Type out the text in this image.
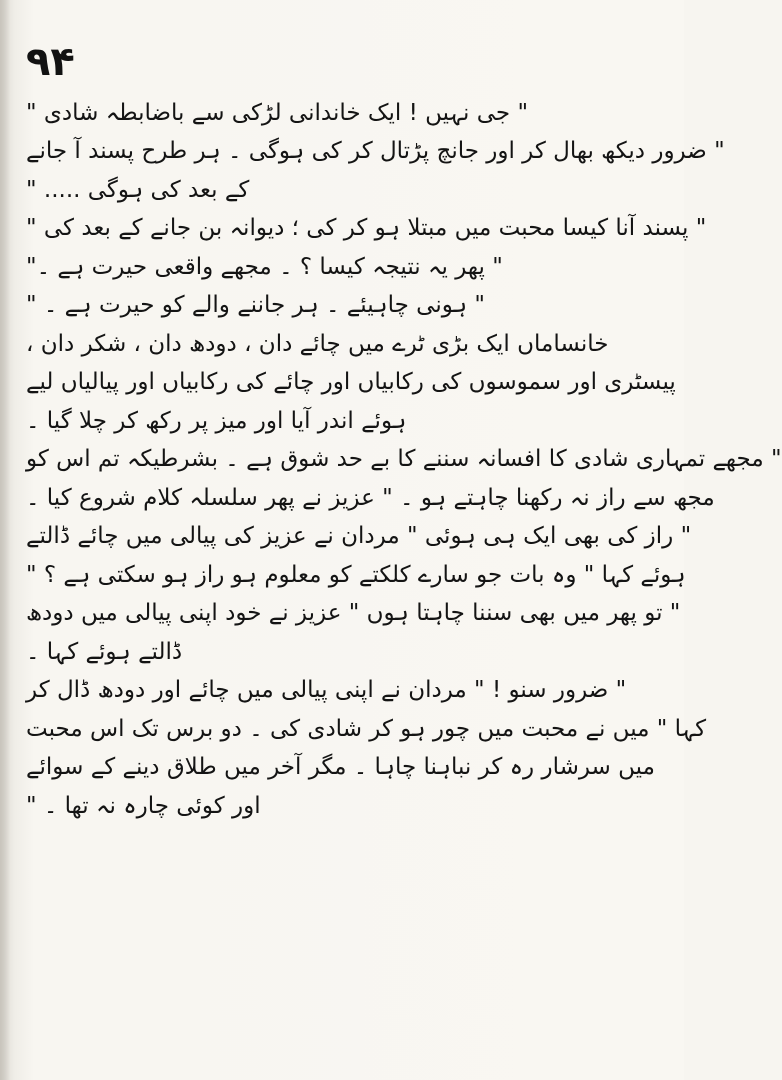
۹۴
" جی نہیں ! ایک خاندانی لڑکی سے باضابطہ شادی "
" ضرور دیکھ بھال کر اور جانچ پڑتال کر کی ہوگی ۔ ہر طرح پسند آ جانے
کے بعد کی ہوگی ..... "
" پسند آنا کیسا محبت میں مبتلا ہو کر کی ؛ دیوانہ بن جانے کے بعد کی "
" پھر یہ نتیجہ کیسا ؟ ۔ مجھے واقعی حیرت ہے ۔"
" ہونی چاہیئے ۔ ہر جاننے والے کو حیرت ہے ۔ "
خانساماں ایک بڑی ٹرے میں چائے دان ، دودھ دان ، شکر دان ،
پیسٹری اور سموسوں کی رکابیاں اور چائے کی رکابیاں اور پیالیاں لیے
ہوئے اندر آیا اور میز پر رکھ کر چلا گیا ۔
" مجھے تمہاری شادی کا افسانہ سننے کا بے حد شوق ہے ۔ بشرطیکہ تم اس کو
مجھ سے راز نہ رکھنا چاہتے ہو ۔ " عزیز نے پھر سلسلہ کلام شروع کیا ۔
" راز کی بھی ایک ہی ہوئی " مردان نے عزیز کی پیالی میں چائے ڈالتے
ہوئے کہا " وہ بات جو سارے کلکتے کو معلوم ہو راز ہو سکتی ہے ؟ "
" تو پھر میں بھی سننا چاہتا ہوں " عزیز نے خود اپنی پیالی میں دودھ
ڈالتے ہوئے کہا ۔
" ضرور سنو ! " مردان نے اپنی پیالی میں چائے اور دودھ ڈال کر
کہا " میں نے محبت میں چور ہو کر شادی کی ۔ دو برس تک اس محبت
میں سرشار رہ کر نباہنا چاہا ۔ مگر آخر میں طلاق دینے کے سوائے
اور کوئی چارہ نہ تھا ۔ "
